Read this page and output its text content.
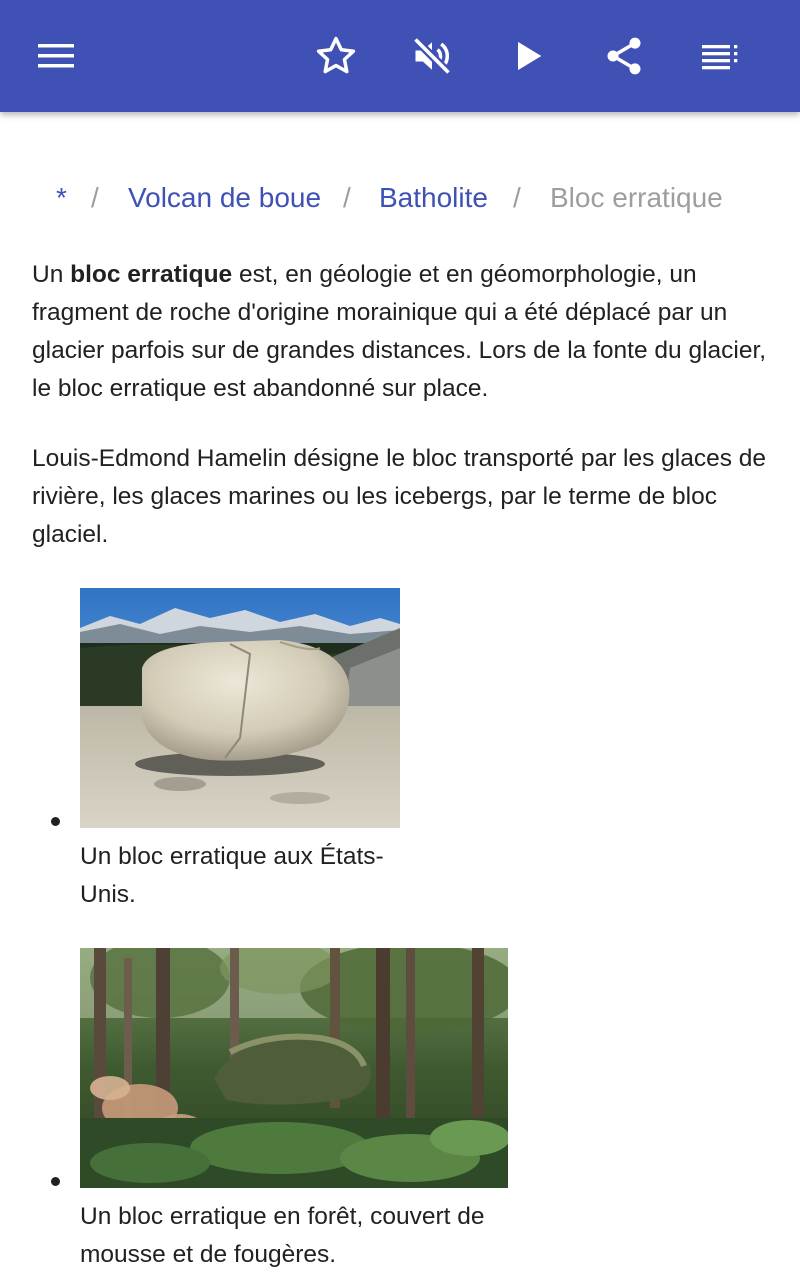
* / Volcan de boue / Batholite / Bloc erratique

Un bloc erratique est, en géologie et en géomorphologie, un fragment de roche d'origine morainique qui a été déplacé par un glacier parfois sur de grandes distances. Lors de la fonte du glacier, le bloc erratique est abandonné sur place.

Louis-Edmond Hamelin désigne le bloc transporté par les glaces de rivière, les glaces marines ou les icebergs, par le terme de bloc glaciel.

Un bloc erratique aux États-Unis.

Un bloc erratique en forêt, couvert de mousse et de fougères.
